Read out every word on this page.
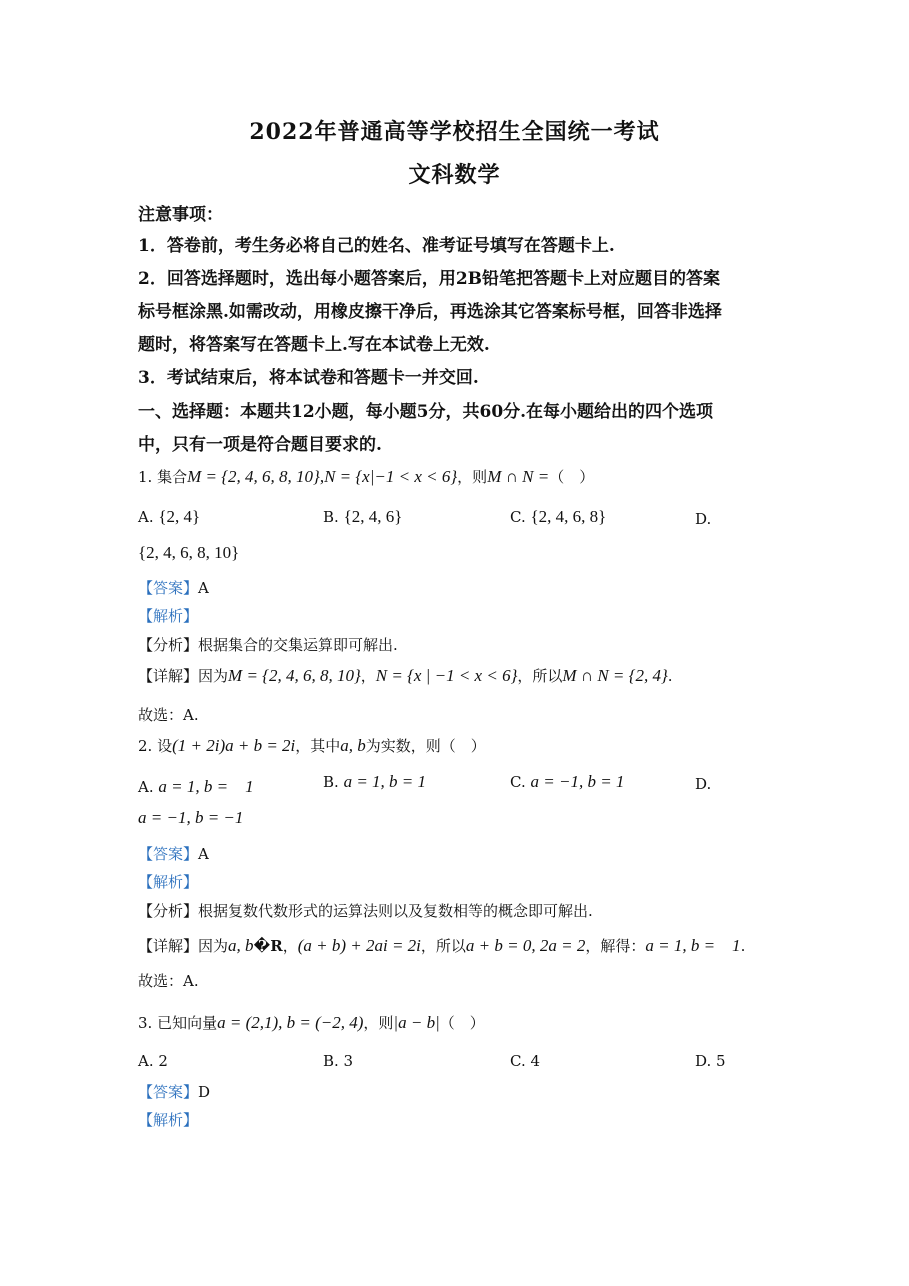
2022年普通高等学校招生全国统一考试
文科数学
注意事项：
1．答卷前，考生务必将自己的姓名、准考证号填写在答题卡上.
2．回答选择题时，选出每小题答案后，用2B铅笔把答题卡上对应题目的答案
标号框涂黑.如需改动，用橡皮擦干净后，再选涂其它答案标号框，回答非选择
题时，将答案写在答题卡上.写在本试卷上无效.
3．考试结束后，将本试卷和答题卡一并交回.
一、选择题：本题共12小题，每小题5分，共60分.在每小题给出的四个选项
中，只有一项是符合题目要求的.
1. 集合M = {2, 4, 6, 8, 10},N = {x|−1 < x < 6}，则M ∩ N =（　）
A. {2, 4}	B. {2, 4, 6}	C. {2, 4, 6, 8}	D.
{2, 4, 6, 8, 10}
【答案】A
【解析】
【分析】根据集合的交集运算即可解出.
【详解】因为M = {2, 4, 6, 8, 10}，N = {x | −1 < x < 6}，所以M ∩ N = {2, 4}.
故选：A.
2. 设(1 + 2i)a + b = 2i，其中a, b为实数，则（　）
A. a = 1, b =　1	B. a = 1, b = 1	C. a = −1, b = 1	D.
a = −1, b = −1
【答案】A
【解析】
【分析】根据复数代数形式的运算法则以及复数相等的概念即可解出.
【详解】因为a, b�R，(a + b) + 2ai = 2i，所以a + b = 0, 2a = 2，解得：a = 1, b =　1.
故选：A.
3. 已知向量a = (2,1), b = (−2, 4)，则|a − b|（　）
A. 2	B. 3	C. 4	D. 5
【答案】D
【解析】
